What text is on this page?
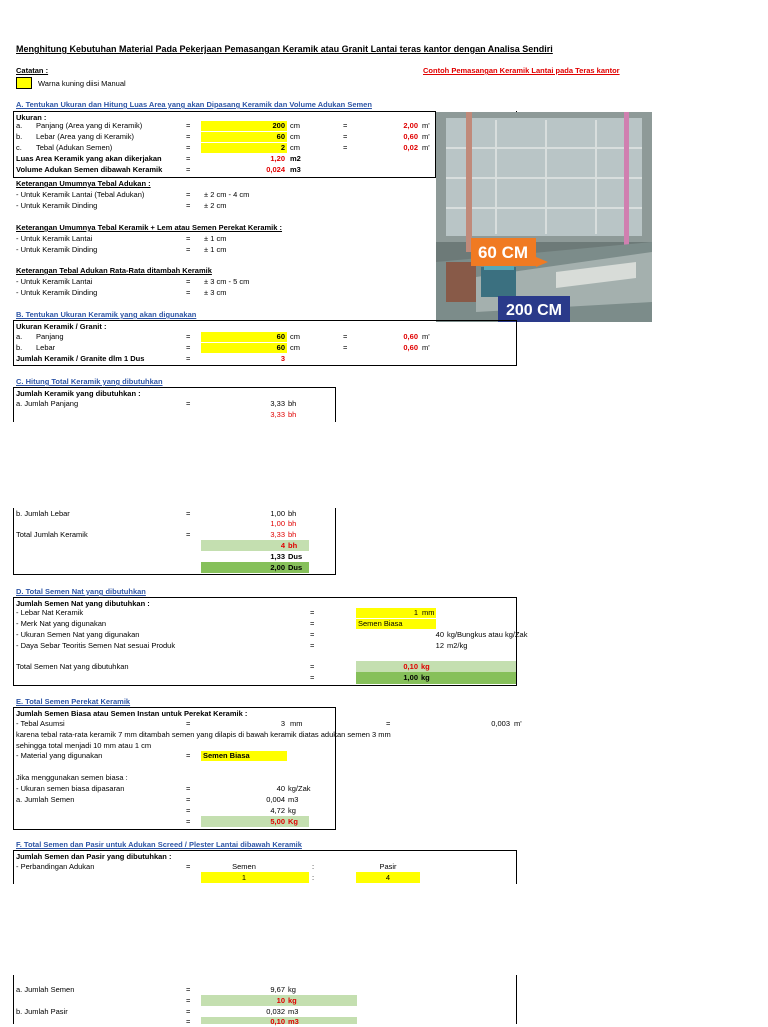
Menghitung Kebutuhan Material Pada Pekerjaan Pemasangan Keramik atau Granit Lantai teras kantor dengan Analisa Sendiri
Catatan :
Warna kuning diisi Manual
Contoh Pemasangan Keramik Lantai pada Teras kantor
A. Tentukan Ukuran dan Hitung Luas Area yang akan Dipasang Keramik dan Volume Adukan Semen
Ukuran :
a. Panjang (Area yang di Keramik)	=	200 cm	=	2,00 m'
b. Lebar (Area yang di Keramik)	=	60 cm	=	0,60 m'
c. Tebal (Adukan Semen)	=	2 cm	=	0,02 m'
Luas Area Keramik yang akan dikerjakan	=	1,20 m2
Volume Adukan Semen dibawah Keramik	=	0,024 m3
Keterangan Umumnya Tebal Adukan :
- Untuk Keramik Lantai (Tebal Adukan)	= ± 2 cm - 4 cm
- Untuk Keramik Dinding	= ± 2 cm
Keterangan Umumnya Tebal Keramik + Lem atau Semen Perekat Keramik :
- Untuk Keramik Lantai	= ± 1 cm
- Untuk Keramik Dinding	= ± 1 cm
Keterangan Tebal Adukan Rata-Rata ditambah Keramik
- Untuk Keramik Lantai	= ± 3 cm - 5 cm
- Untuk Keramik Dinding	= ± 3 cm
60 CM
200 CM
B. Tentukan Ukuran Keramik yang akan digunakan
Ukuran Keramik / Granit :
a. Panjang	=	60 cm	=	0,60 m'
b. Lebar	=	60 cm	=	0,60 m'
Jumlah Keramik / Granite dlm 1 Dus	=	3
C. Hitung Total Keramik yang dibutuhkan
Jumlah Keramik yang dibutuhkan :
a. Jumlah Panjang	=	3,33 bh
3,33 bh
b. Jumlah Lebar	=	1,00 bh
1,00 bh
Total Jumlah Keramik	=	3,33 bh
4 bh
1,33 Dus
2,00 Dus
D. Total Semen Nat yang dibutuhkan
Jumlah Semen Nat yang dibutuhkan :
- Lebar Nat Keramik	=	1 mm
- Merk Nat yang digunakan	=	Semen Biasa
- Ukuran Semen Nat yang digunakan	=	40 kg/Bungkus atau kg/Zak
- Daya Sebar Teoritis Semen Nat sesuai Produk	=	12 m2/kg
Total Semen Nat yang dibutuhkan	=	0,10 kg
=	1,00 kg
E. Total Semen Perekat Keramik
Jumlah Semen Biasa atau Semen Instan untuk Perekat Keramik :
- Tebal Asumsi	=	3 mm	=	0,003 m'
karena tebal rata-rata keramik 7 mm ditambah semen yang dilapis di bawah keramik diatas adukan semen 3 mm
sehingga total menjadi 10 mm atau 1 cm
- Material yang digunakan	= Semen Biasa
Jika menggunakan semen biasa :
- Ukuran semen biasa dipasaran	=	40 kg/Zak
a. Jumlah Semen	=	0,004 m3
=	4,72 kg
=	5,00 Kg
F. Total Semen dan Pasir untuk Adukan Screed / Plester Lantai dibawah Keramik
Jumlah Semen dan Pasir yang dibutuhkan :
Semen	:	Pasir
- Perbandingan Adukan	=
1	:	4
a. Jumlah Semen	=	9,67 kg
=	10 kg
b. Jumlah Pasir	=	0,032 m3
=	0,10 m3
